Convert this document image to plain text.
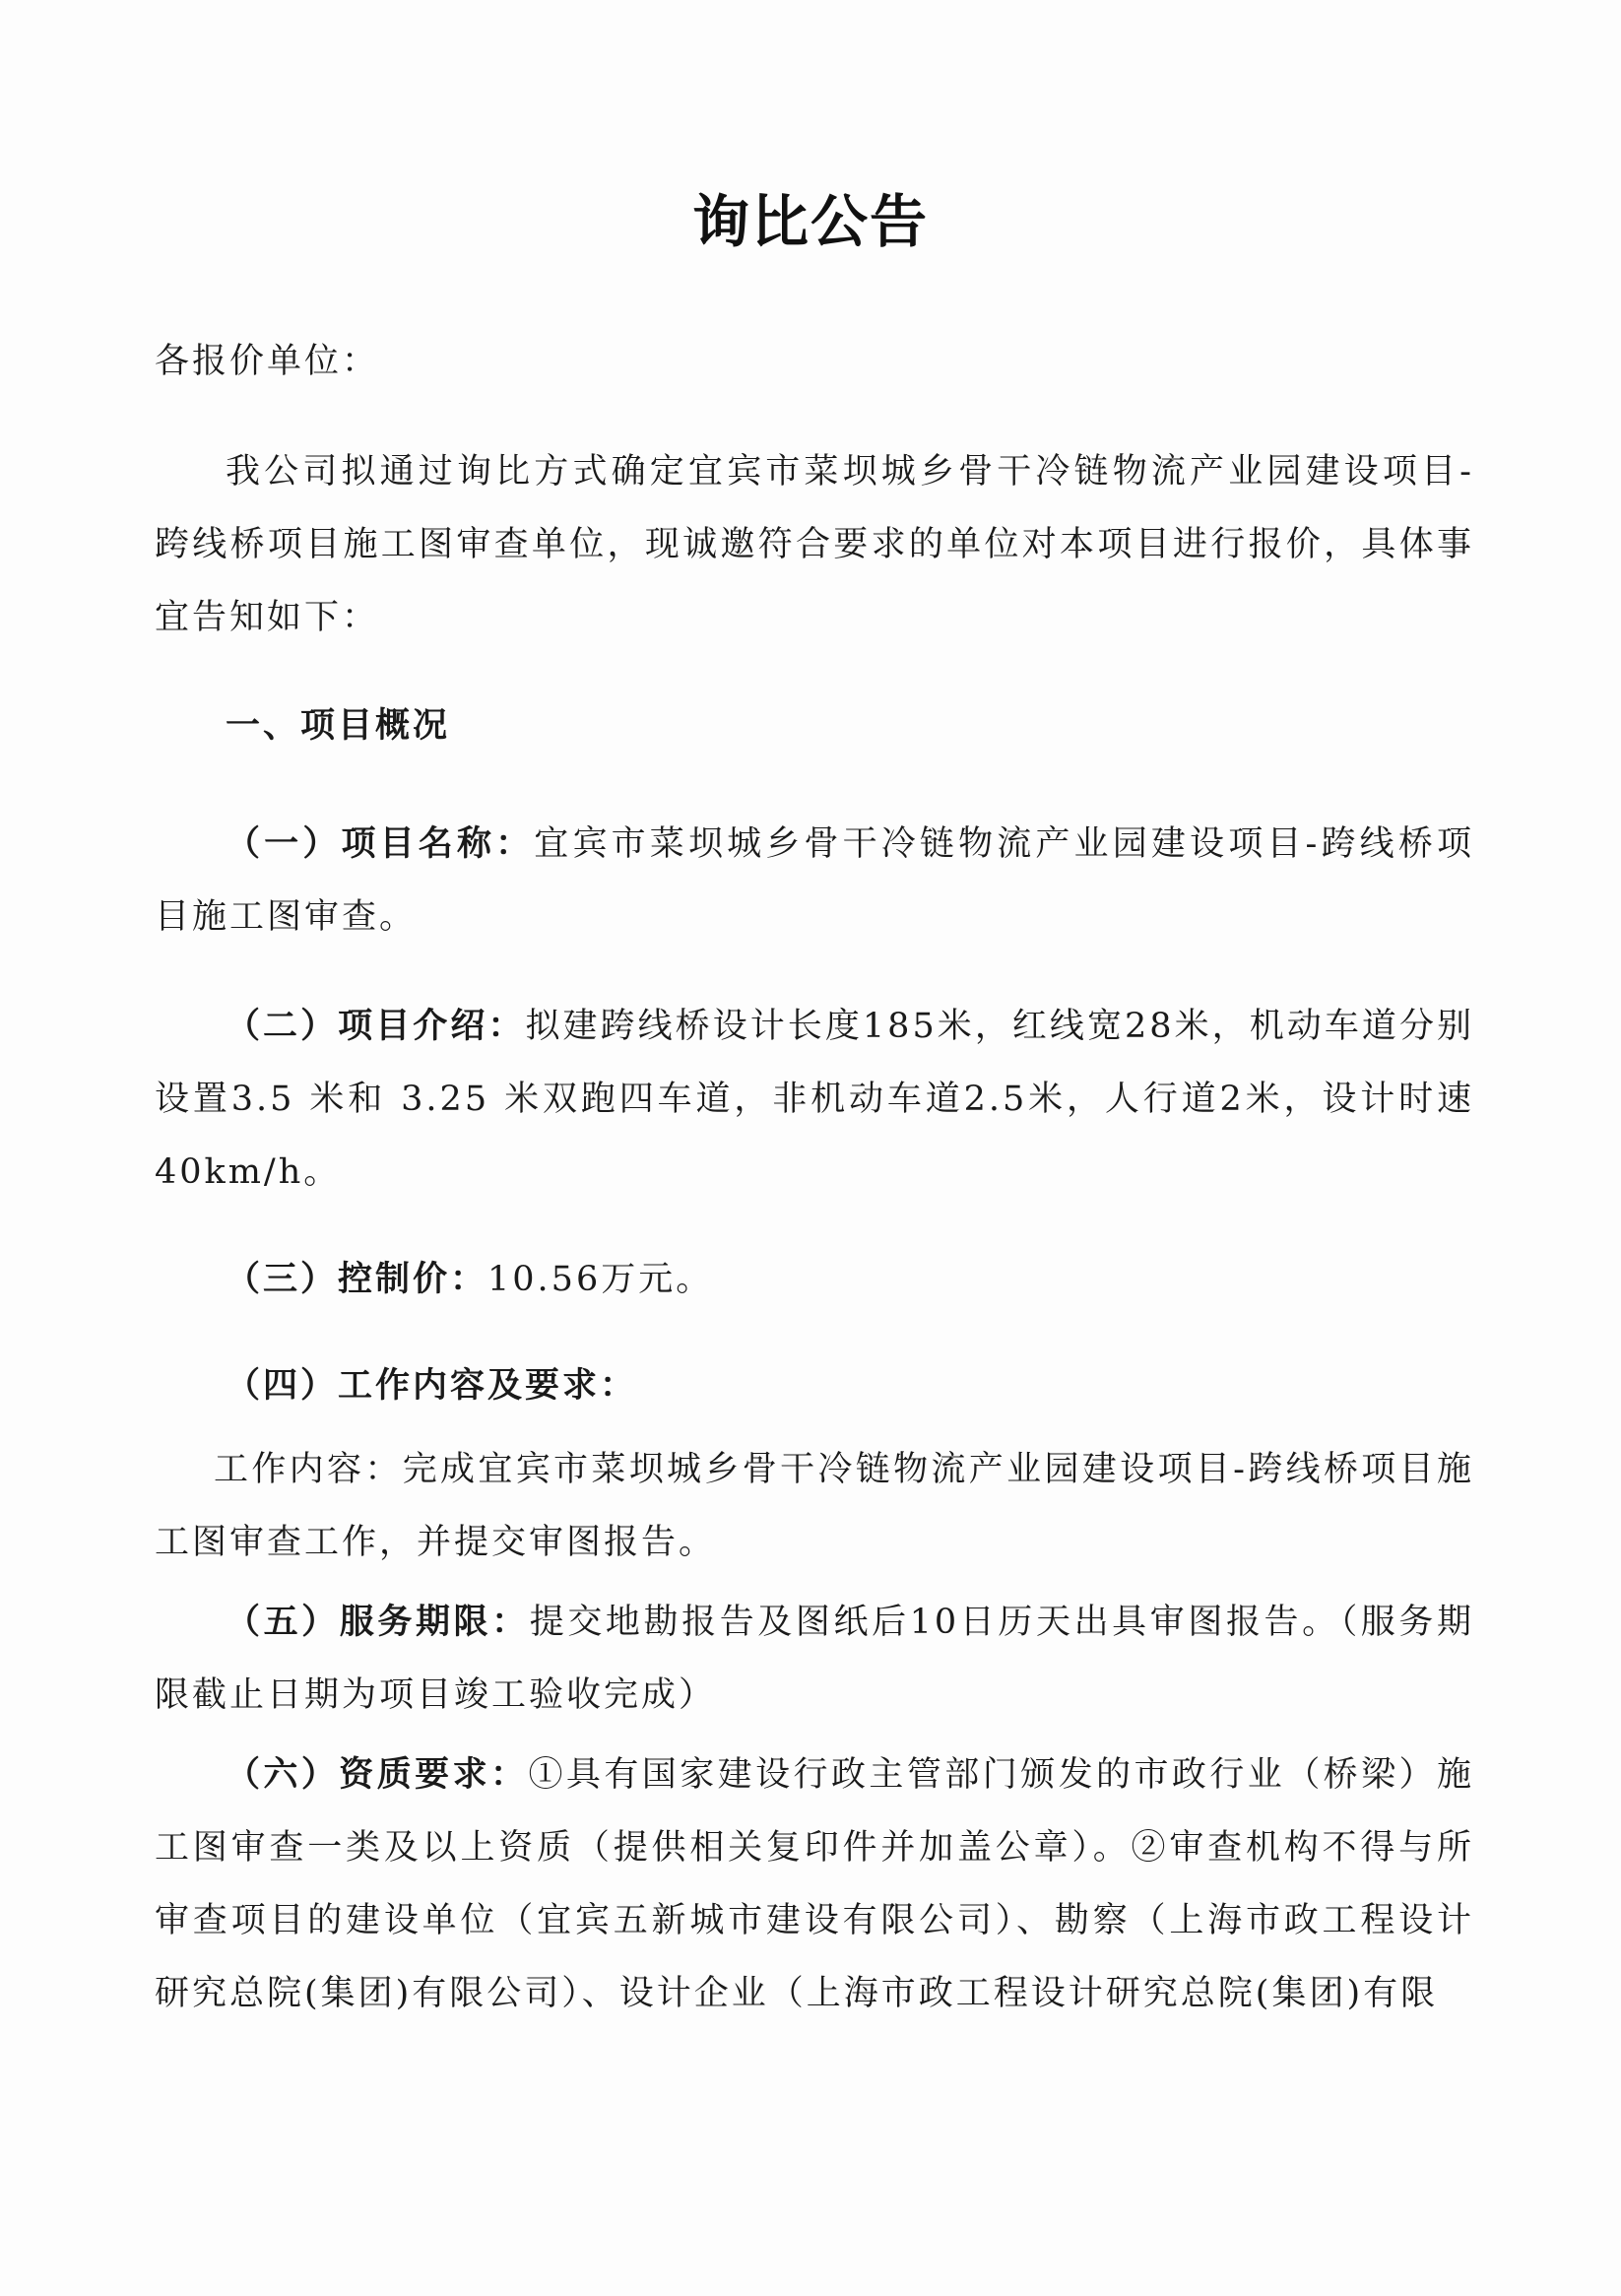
询比公告

各报价单位：

我公司拟通过询比方式确定宜宾市菜坝城乡骨干冷链物流产业园建设项目-跨线桥项目施工图审查单位，现诚邀符合要求的单位对本项目进行报价，具体事宜告知如下：

一、项目概况

（一）项目名称：宜宾市菜坝城乡骨干冷链物流产业园建设项目-跨线桥项目施工图审查。

（二）项目介绍：拟建跨线桥设计长度185米，红线宽28米，机动车道分别设置3.5 米和 3.25 米双跑四车道，非机动车道2.5米，人行道2米，设计时速 40km/h。

（三）控制价：10.56万元。

（四）工作内容及要求：

工作内容：完成宜宾市菜坝城乡骨干冷链物流产业园建设项目-跨线桥项目施工图审查工作，并提交审图报告。

（五）服务期限：提交地勘报告及图纸后10日历天出具审图报告。（服务期限截止日期为项目竣工验收完成）

（六）资质要求：①具有国家建设行政主管部门颁发的市政行业（桥梁）施工图审查一类及以上资质（提供相关复印件并加盖公章）。②审查机构不得与所审查项目的建设单位（宜宾五新城市建设有限公司）、勘察（上海市政工程设计研究总院(集团)有限公司）、设计企业（上海市政工程设计研究总院(集团)有限
